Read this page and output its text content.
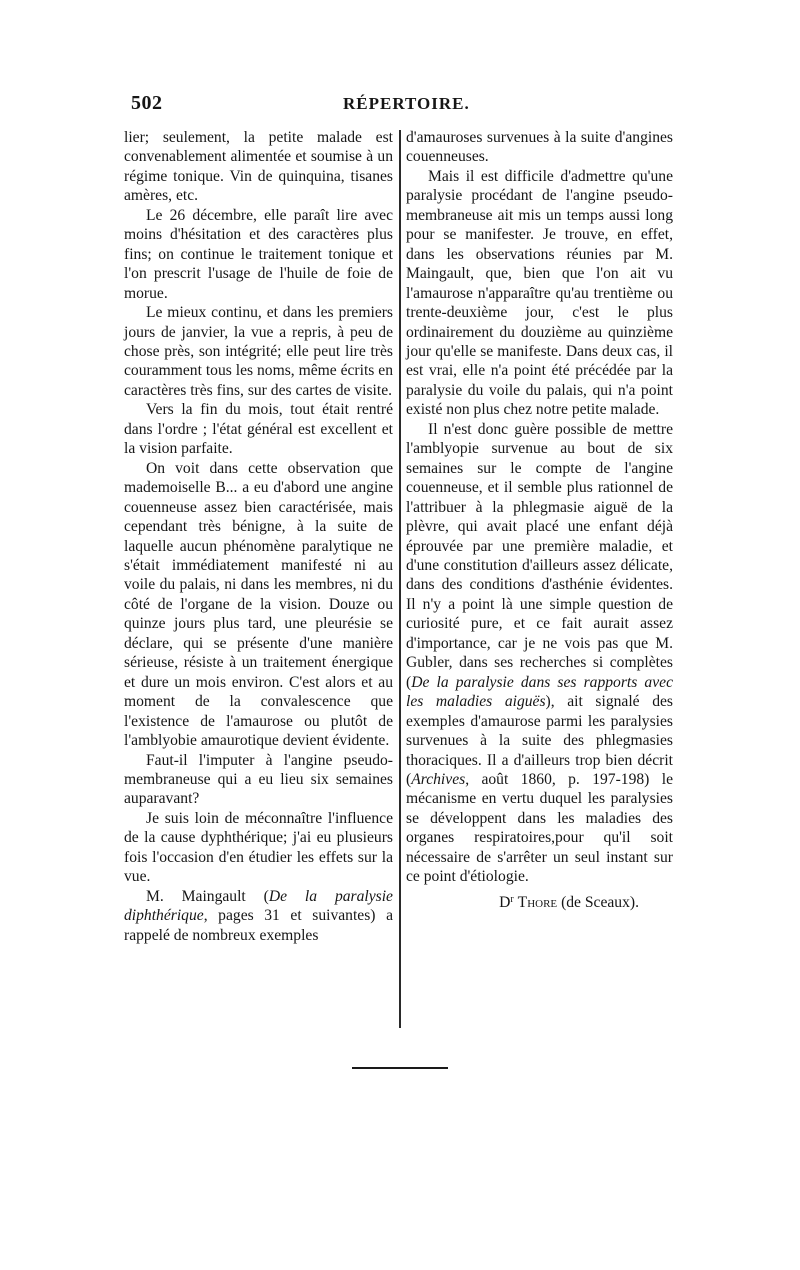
502	RÉPERTOIRE.

lier; seulement, la petite malade est convenablement alimentée et soumise à un régime tonique. Vin de quinquina, tisanes amères, etc.

Le 26 décembre, elle paraît lire avec moins d'hésitation et des caractères plus fins; on continue le traitement tonique et l'on prescrit l'usage de l'huile de foie de morue.

Le mieux continu, et dans les premiers jours de janvier, la vue a repris, à peu de chose près, son intégrité; elle peut lire très couramment tous les noms, même écrits en caractères très fins, sur des cartes de visite.

Vers la fin du mois, tout était rentré dans l'ordre ; l'état général est excellent et la vision parfaite.

On voit dans cette observation que mademoiselle B... a eu d'abord une angine couenneuse assez bien caractérisée, mais cependant très bénigne, à la suite de laquelle aucun phénomène paralytique ne s'était immédiatement manifesté ni au voile du palais, ni dans les membres, ni du côté de l'organe de la vision. Douze ou quinze jours plus tard, une pleurésie se déclare, qui se présente d'une manière sérieuse, résiste à un traitement énergique et dure un mois environ. C'est alors et au moment de la convalescence que l'existence de l'amaurose ou plutôt de l'amblyobie amaurotique devient évidente.

Faut-il l'imputer à l'angine pseudo-membraneuse qui a eu lieu six semaines auparavant?

Je suis loin de méconnaître l'influence de la cause dyphthérique; j'ai eu plusieurs fois l'occasion d'en étudier les effets sur la vue.

M. Maingault (De la paralysie diphthérique, pages 31 et suivantes) a rappelé de nombreux exemples

d'amauroses survenues à la suite d'angines couenneuses.

Mais il est difficile d'admettre qu'une paralysie procédant de l'angine pseudo-membraneuse ait mis un temps aussi long pour se manifester. Je trouve, en effet, dans les observations réunies par M. Maingault, que, bien que l'on ait vu l'amaurose n'apparaître qu'au trentième ou trente-deuxième jour, c'est le plus ordinairement du douzième au quinzième jour qu'elle se manifeste. Dans deux cas, il est vrai, elle n'a point été précédée par la paralysie du voile du palais, qui n'a point existé non plus chez notre petite malade.

Il n'est donc guère possible de mettre l'amblyopie survenue au bout de six semaines sur le compte de l'angine couenneuse, et il semble plus rationnel de l'attribuer à la phlegmasie aiguë de la plèvre, qui avait placé une enfant déjà éprouvée par une première maladie, et d'une constitution d'ailleurs assez délicate, dans des conditions d'asthénie évidentes. Il n'y a point là une simple question de curiosité pure, et ce fait aurait assez d'importance, car je ne vois pas que M. Gubler, dans ses recherches si complètes (De la paralysie dans ses rapports avec les maladies aiguës), ait signalé des exemples d'amaurose parmi les paralysies survenues à la suite des phlegmasies thoraciques. Il a d'ailleurs trop bien décrit (Archives, août 1860, p. 197-198) le mécanisme en vertu duquel les paralysies se développent dans les maladies des organes respiratoires,pour qu'il soit nécessaire de s'arrêter un seul instant sur ce point d'étiologie.

$D^r$ Thore (de Sceaux).
